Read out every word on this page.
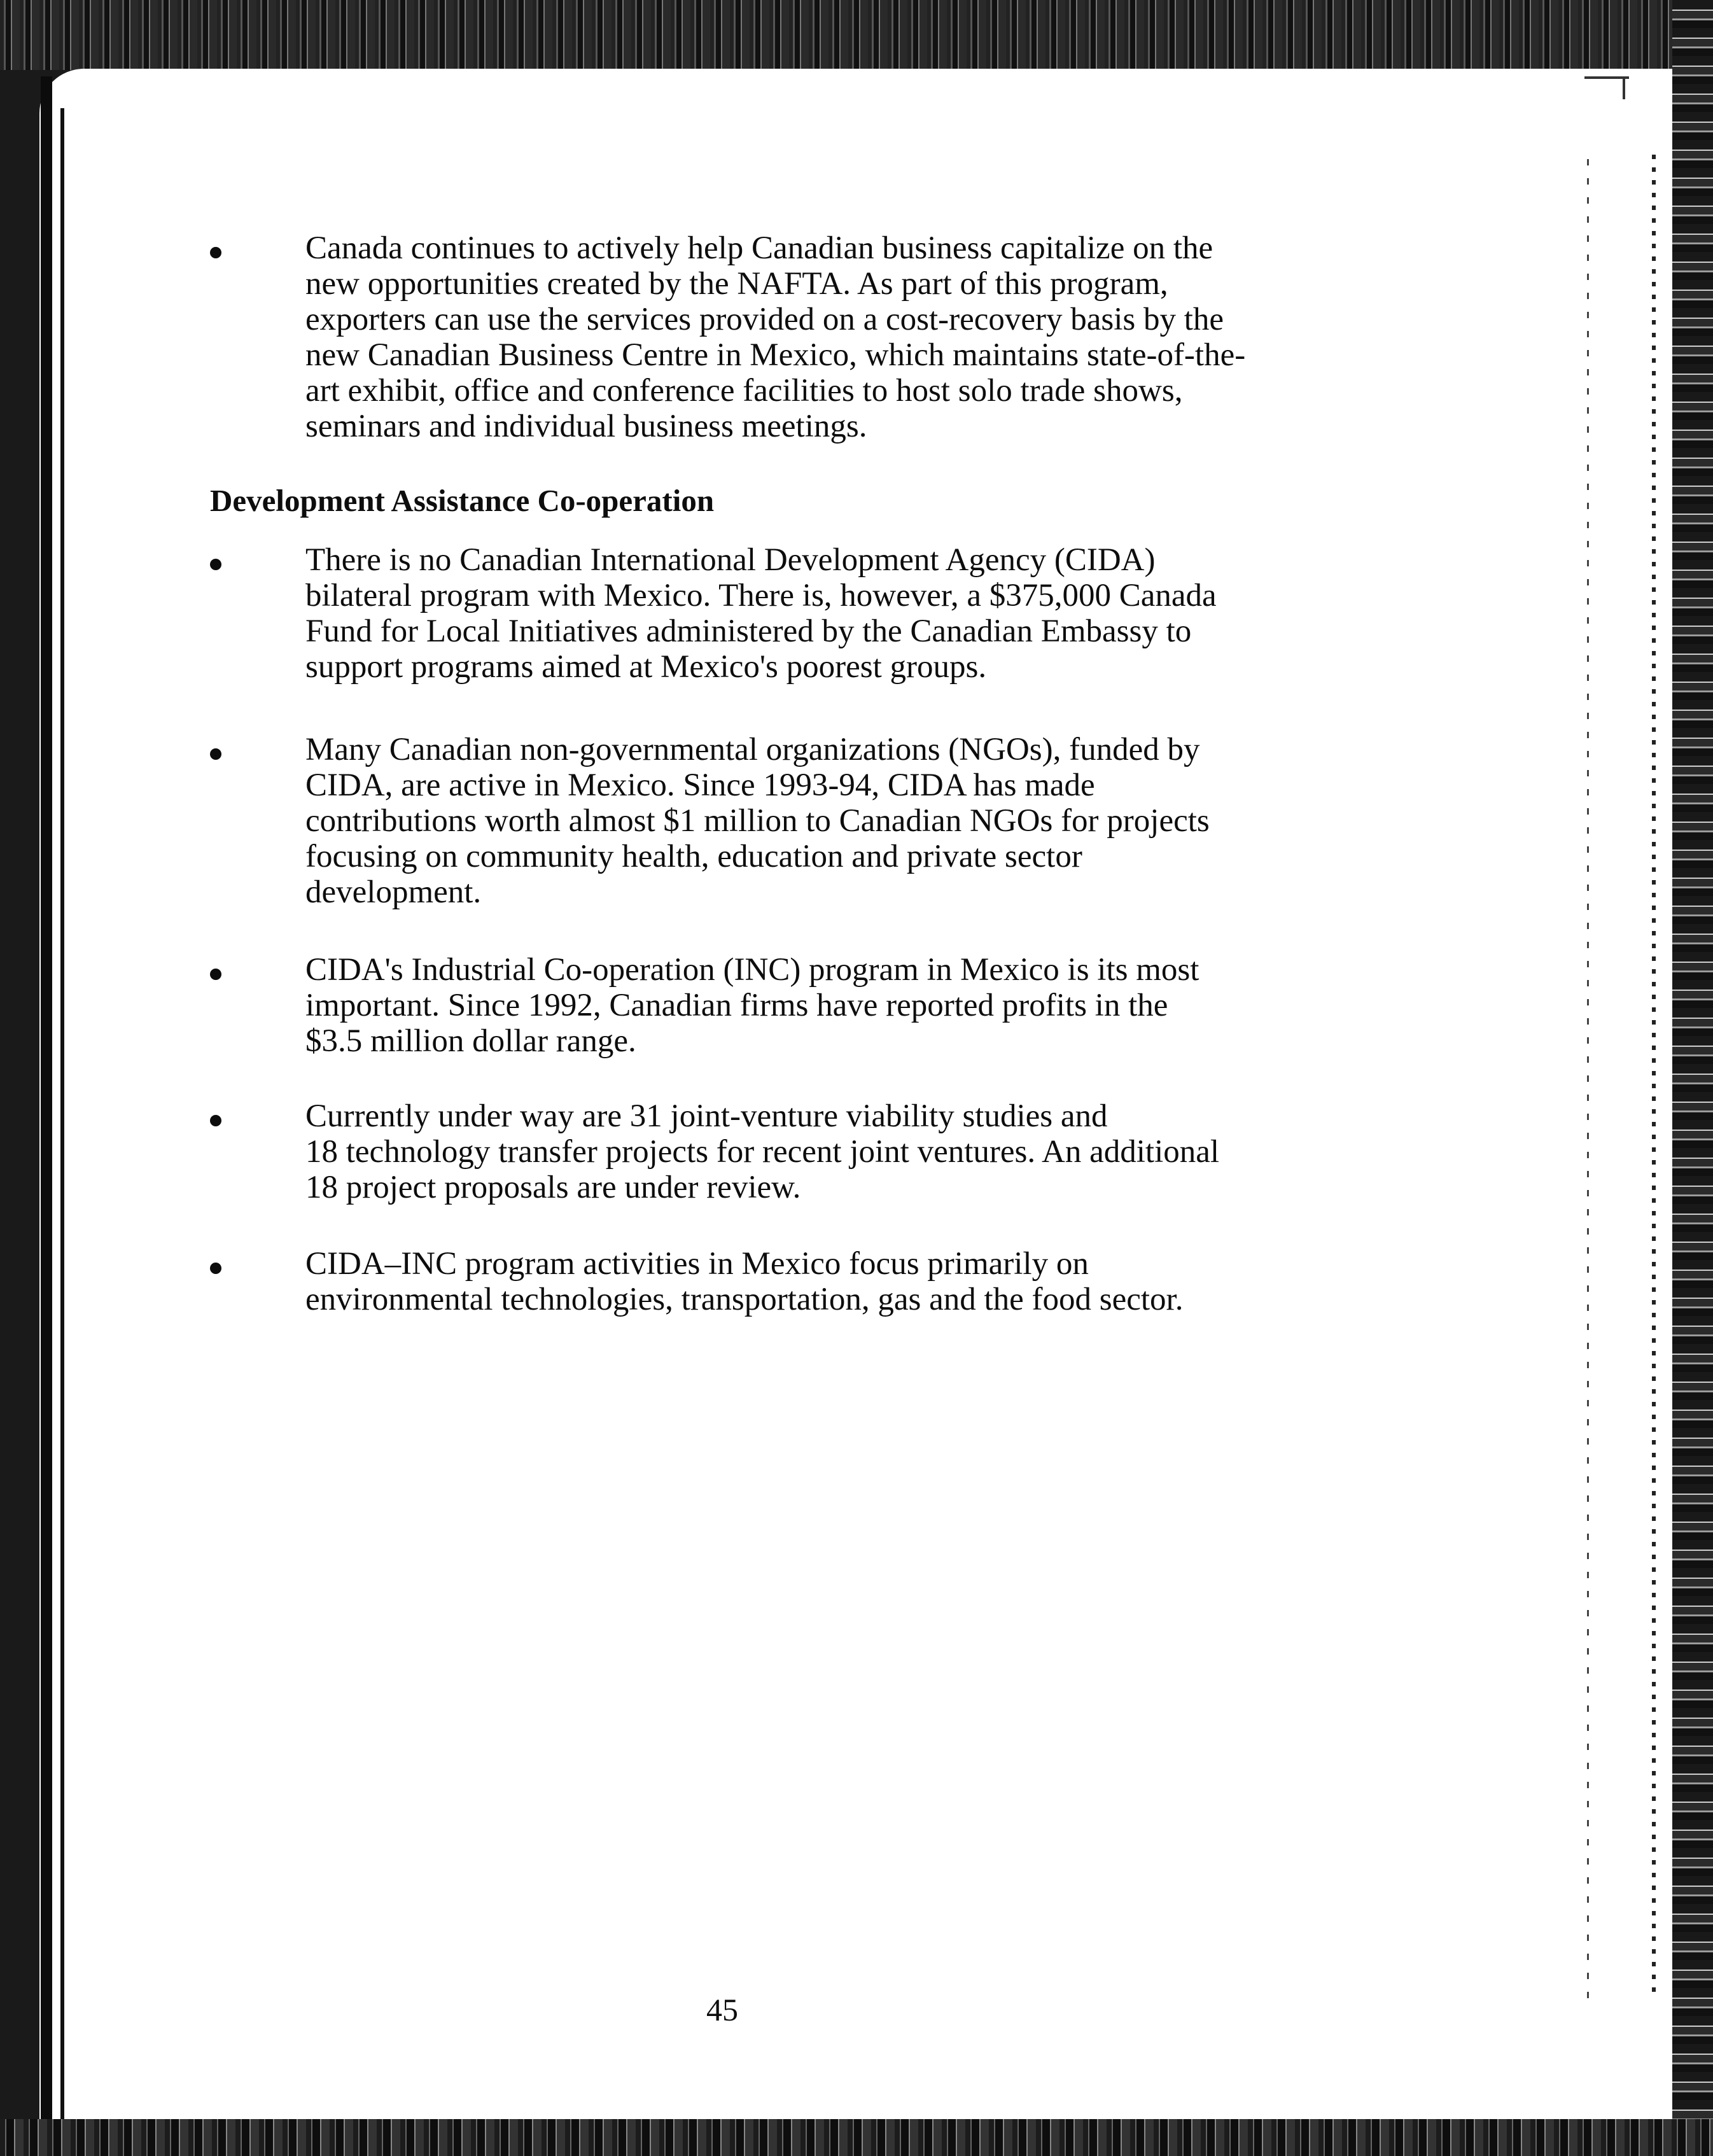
Canada continues to actively help Canadian business capitalize on the
new opportunities created by the NAFTA. As part of this program,
exporters can use the services provided on a cost-recovery basis by the
new Canadian Business Centre in Mexico, which maintains state-of-the-
art exhibit, office and conference facilities to host solo trade shows,
seminars and individual business meetings.
Development Assistance Co-operation
There is no Canadian International Development Agency (CIDA)
bilateral program with Mexico. There is, however, a $375,000 Canada
Fund for Local Initiatives administered by the Canadian Embassy to
support programs aimed at Mexico's poorest groups.
Many Canadian non-governmental organizations (NGOs), funded by
CIDA, are active in Mexico. Since 1993-94, CIDA has made
contributions worth almost $1 million to Canadian NGOs for projects
focusing on community health, education and private sector
development.
CIDA's Industrial Co-operation (INC) program in Mexico is its most
important. Since 1992, Canadian firms have reported profits in the
$3.5 million dollar range.
Currently under way are 31 joint-venture viability studies and
18 technology transfer projects for recent joint ventures. An additional
18 project proposals are under review.
CIDA–INC program activities in Mexico focus primarily on
environmental technologies, transportation, gas and the food sector.
45
